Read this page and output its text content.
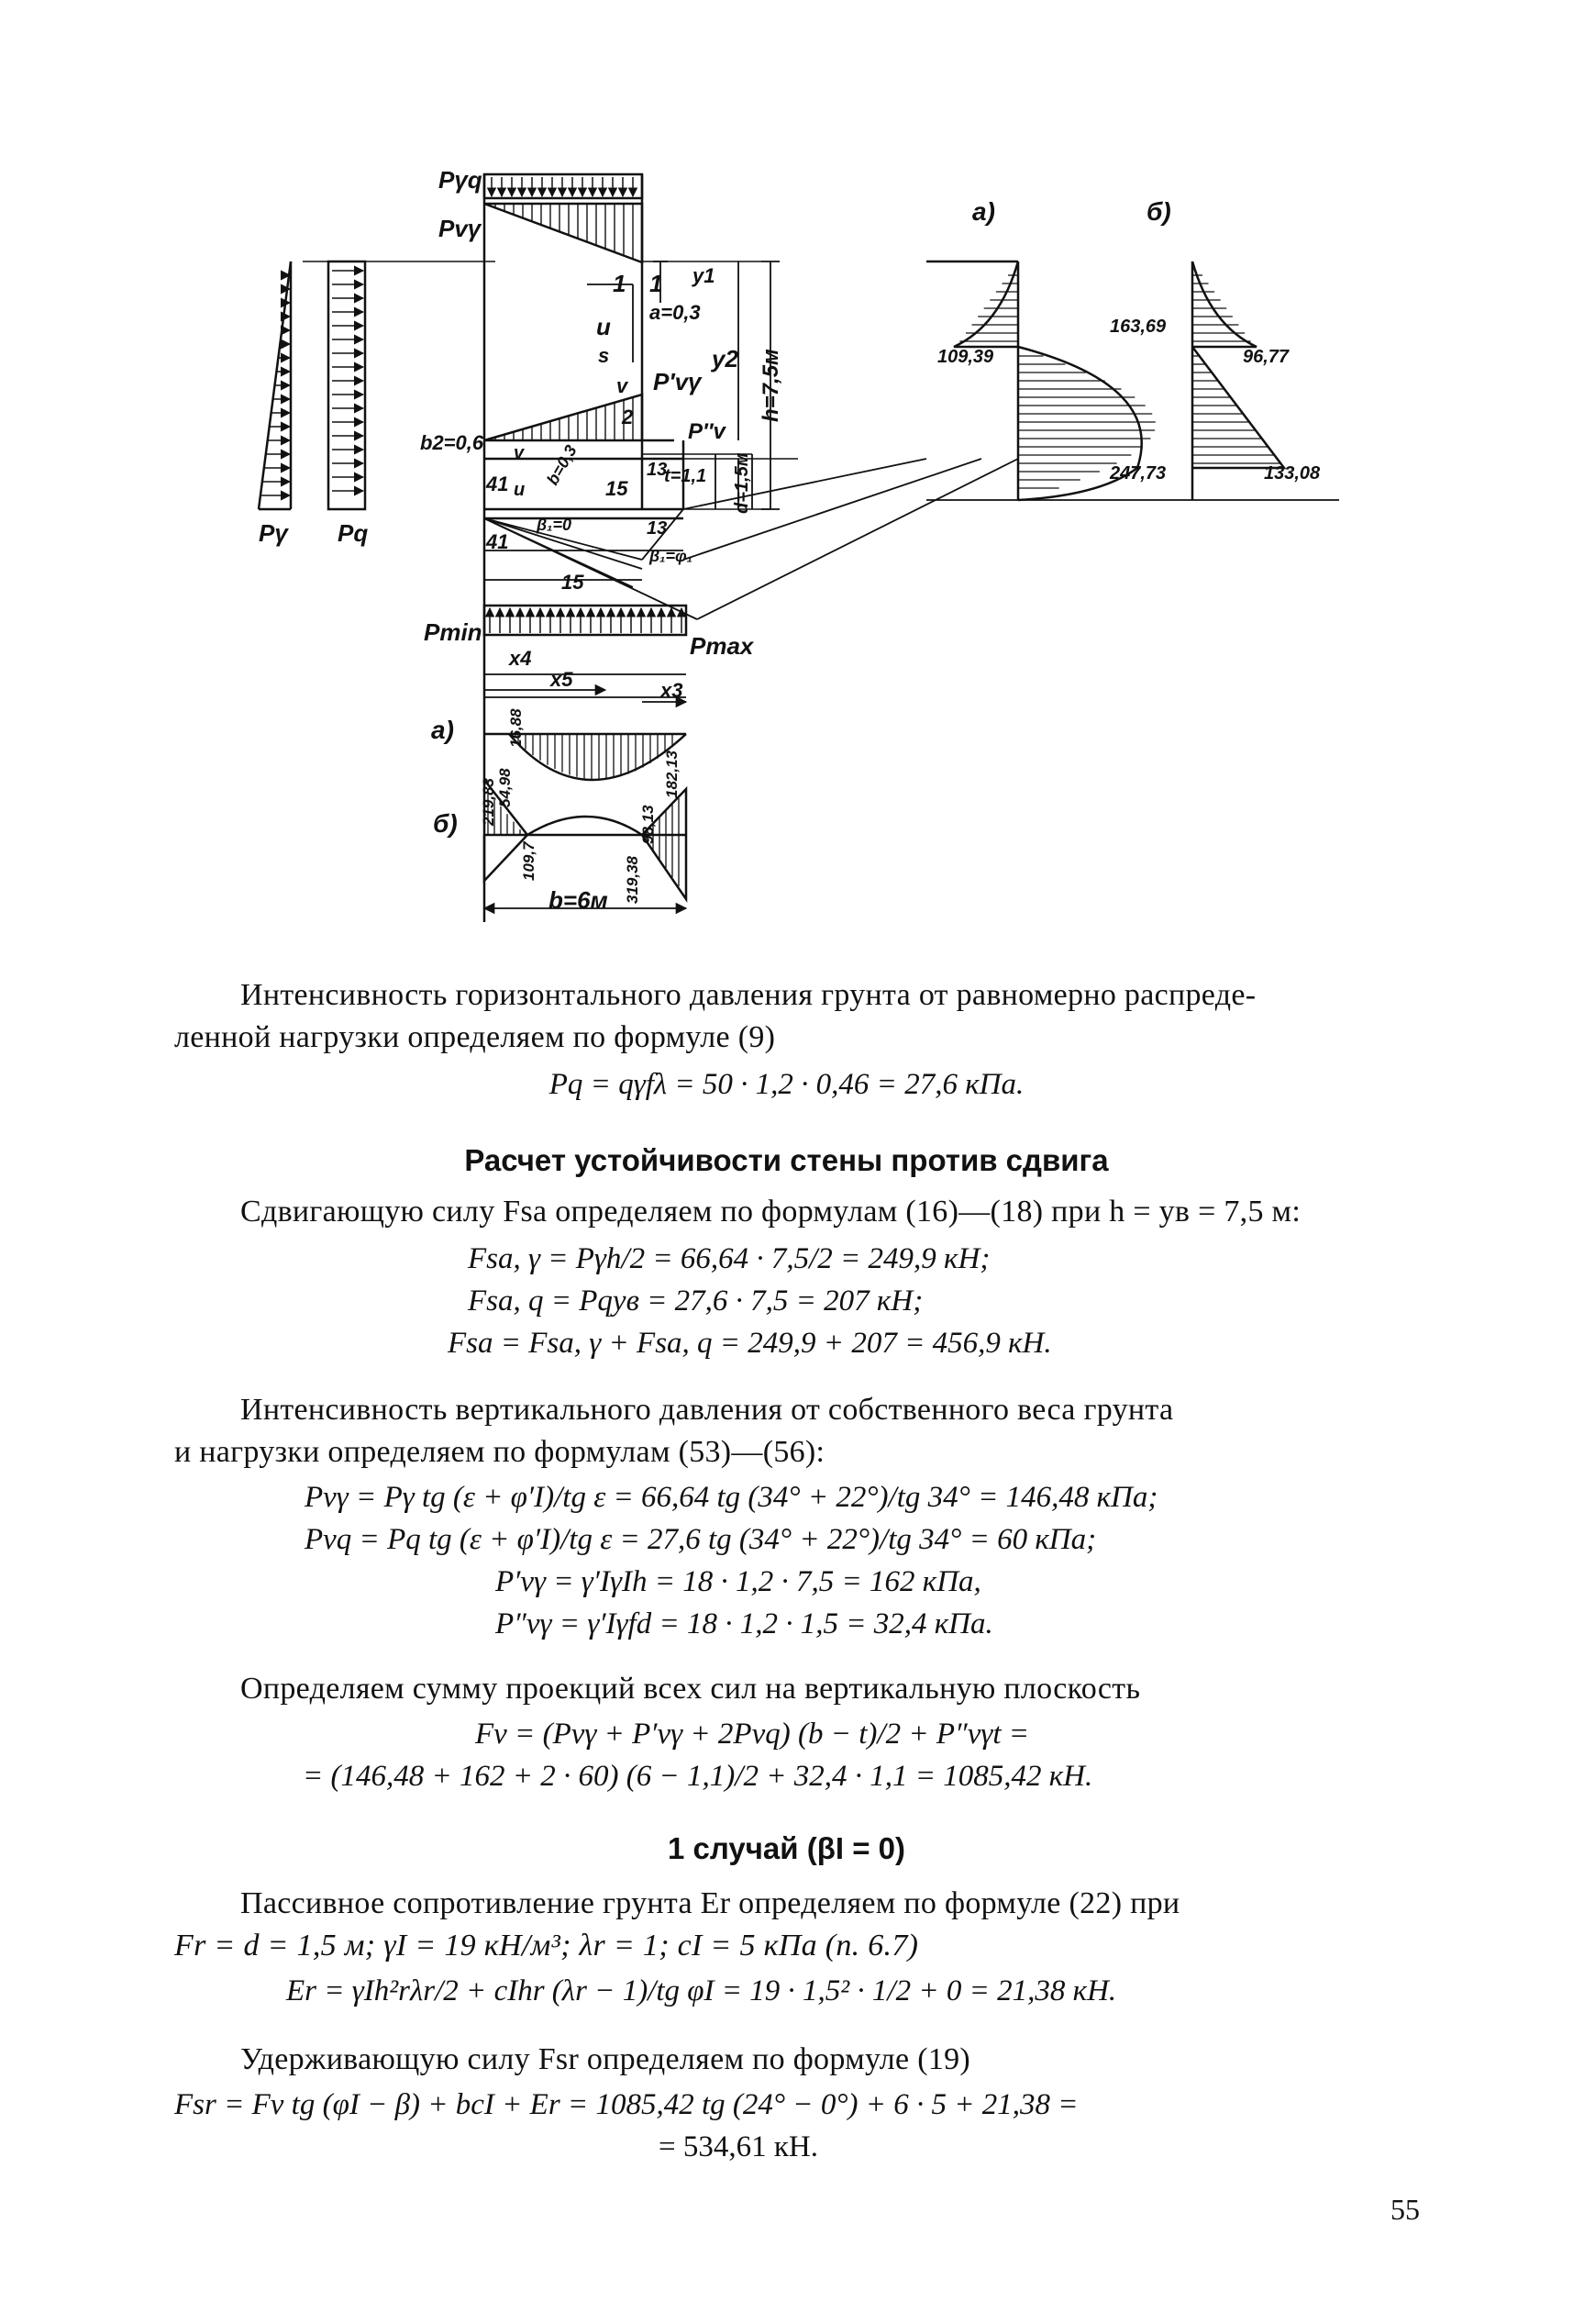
Pγq
Pvγ
Pγ Pq
1 1
a=0,3
y1
y2 h=7,5м
u
s
v P′vγ
2
b2=0,6	P″v
v
u
b=0,3
15
13
t=1,1 d=1,5м
41
41
13
15
β₁=φ₁
β₁=0
Pmin	Pmax
x4
x5	x3
а)
б)
b=6м
16,88
54,98
219,83
109,7
182,13
98,13
319,38
а)	б)
163,69
109,39	96,77
247,73	133,08
Интенсивность горизонтального давления грунта от равномерно распреде-
ленной нагрузки определяем по формуле (9)
Pq = qγfλ = 50 · 1,2 · 0,46 = 27,6 кПа.
Расчет устойчивости стены против сдвига
Сдвигающую силу Fsa определяем по формулам (16)—(18) при h = yв = 7,5 м:
Fsa, γ = Pγh/2 = 66,64 · 7,5/2 = 249,9 кН;
Fsa, q = Pqyв = 27,6 · 7,5 = 207 кН;
Fsa = Fsa, γ + Fsa, q = 249,9 + 207 = 456,9 кН.
Интенсивность вертикального давления от собственного веса грунта
и нагрузки определяем по формулам (53)—(56):
Pvγ = Pγ tg (ε + φ′I)/tg ε = 66,64 tg (34° + 22°)/tg 34° = 146,48 кПа;
Pvq = Pq tg (ε + φ′I)/tg ε = 27,6 tg (34° + 22°)/tg 34° = 60 кПа;
P′vγ = γ′IγIh = 18 · 1,2 · 7,5 = 162 кПа,
P″vγ = γ′Iγfd = 18 · 1,2 · 1,5 = 32,4 кПа.
Определяем сумму проекций всех сил на вертикальную плоскость
Fv = (Pvγ + P′vγ + 2Pvq) (b − t)/2 + P″vγt =
= (146,48 + 162 + 2 · 60) (6 − 1,1)/2 + 32,4 · 1,1 = 1085,42 кН.
1 случай (βI = 0)
Пассивное сопротивление грунта Er определяем по формуле (22) при
Fr = d = 1,5 м; γI = 19 кН/м³; λr = 1; cI = 5 кПа (п. 6.7)
Er = γIh²rλr/2 + cIhr (λr − 1)/tg φI = 19 · 1,5² · 1/2 + 0 = 21,38 кН.
Удерживающую силу Fsr определяем по формуле (19)
Fsr = Fv tg (φI − β) + bcI + Er = 1085,42 tg (24° − 0°) + 6 · 5 + 21,38 =
= 534,61 кН.
55
